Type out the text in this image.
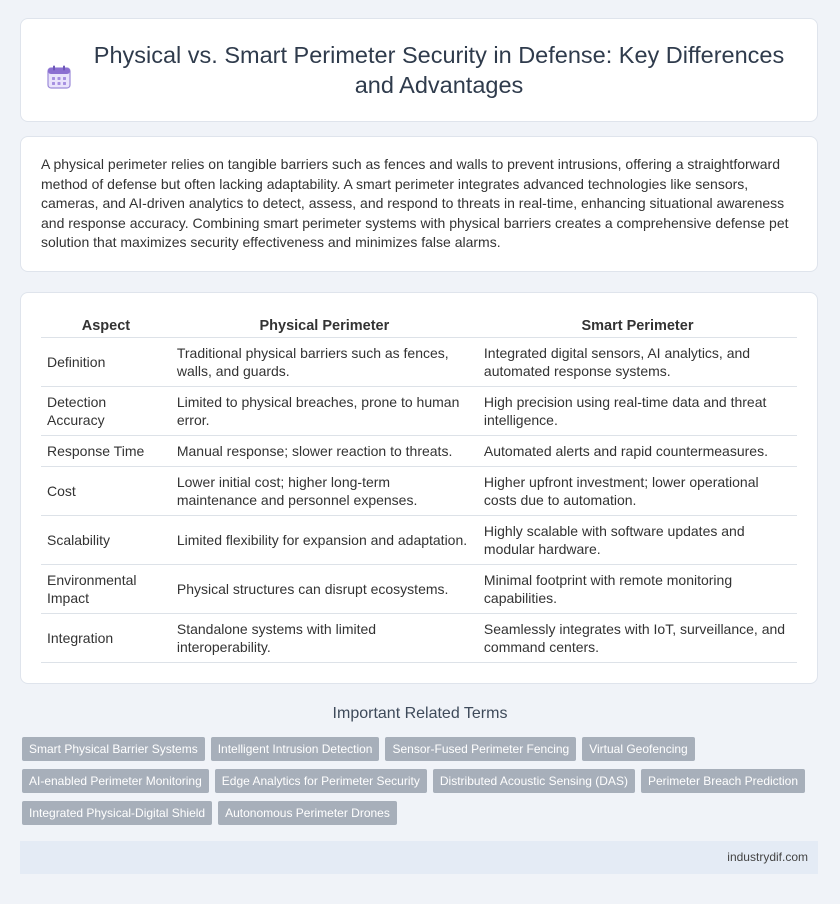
Physical vs. Smart Perimeter Security in Defense: Key Differences and Advantages

A physical perimeter relies on tangible barriers such as fences and walls to prevent intrusions, offering a straightforward method of defense but often lacking adaptability. A smart perimeter integrates advanced technologies like sensors, cameras, and AI-driven analytics to detect, assess, and respond to threats in real-time, enhancing situational awareness and response accuracy. Combining smart perimeter systems with physical barriers creates a comprehensive defense pet solution that maximizes security effectiveness and minimizes false alarms.

Aspect	Physical Perimeter	Smart Perimeter
Definition	Traditional physical barriers such as fences, walls, and guards.	Integrated digital sensors, AI analytics, and automated response systems.
Detection Accuracy	Limited to physical breaches, prone to human error.	High precision using real-time data and threat intelligence.
Response Time	Manual response; slower reaction to threats.	Automated alerts and rapid countermeasures.
Cost	Lower initial cost; higher long-term maintenance and personnel expenses.	Higher upfront investment; lower operational costs due to automation.
Scalability	Limited flexibility for expansion and adaptation.	Highly scalable with software updates and modular hardware.
Environmental Impact	Physical structures can disrupt ecosystems.	Minimal footprint with remote monitoring capabilities.
Integration	Standalone systems with limited interoperability.	Seamlessly integrates with IoT, surveillance, and command centers.
Important Related Terms
Smart Physical Barrier Systems	Intelligent Intrusion Detection	Sensor-Fused Perimeter Fencing	Virtual Geofencing
AI-enabled Perimeter Monitoring	Edge Analytics for Perimeter Security	Distributed Acoustic Sensing (DAS)	Perimeter Breach Prediction
Integrated Physical-Digital Shield	Autonomous Perimeter Drones
industrydif.com
